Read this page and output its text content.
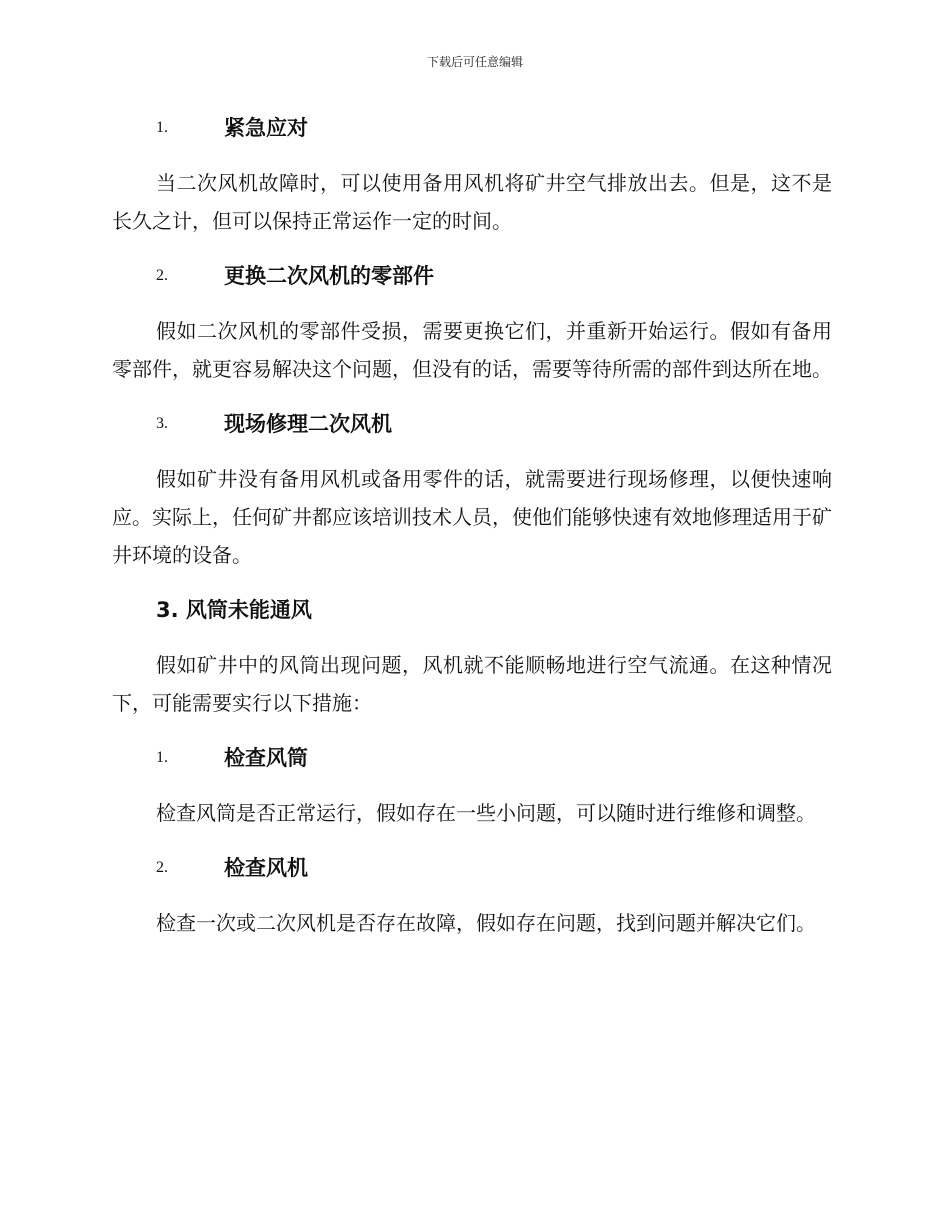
下载后可任意编辑
1.	紧急应对

当二次风机故障时，可以使用备用风机将矿井空气排放出去。但是，这不是长久之计，但可以保持正常运作一定的时间。

2.	更换二次风机的零部件

假如二次风机的零部件受损，需要更换它们，并重新开始运行。假如有备用零部件，就更容易解决这个问题，但没有的话，需要等待所需的部件到达所在地。

3.	现场修理二次风机

假如矿井没有备用风机或备用零件的话，就需要进行现场修理，以便快速响应。实际上，任何矿井都应该培训技术人员，使他们能够快速有效地修理适用于矿井环境的设备。

3. 风筒未能通风

假如矿井中的风筒出现问题，风机就不能顺畅地进行空气流通。在这种情况下，可能需要实行以下措施：

1.	检查风筒

检查风筒是否正常运行，假如存在一些小问题，可以随时进行维修和调整。

2.	检查风机

检查一次或二次风机是否存在故障，假如存在问题，找到问题并解决它们。
